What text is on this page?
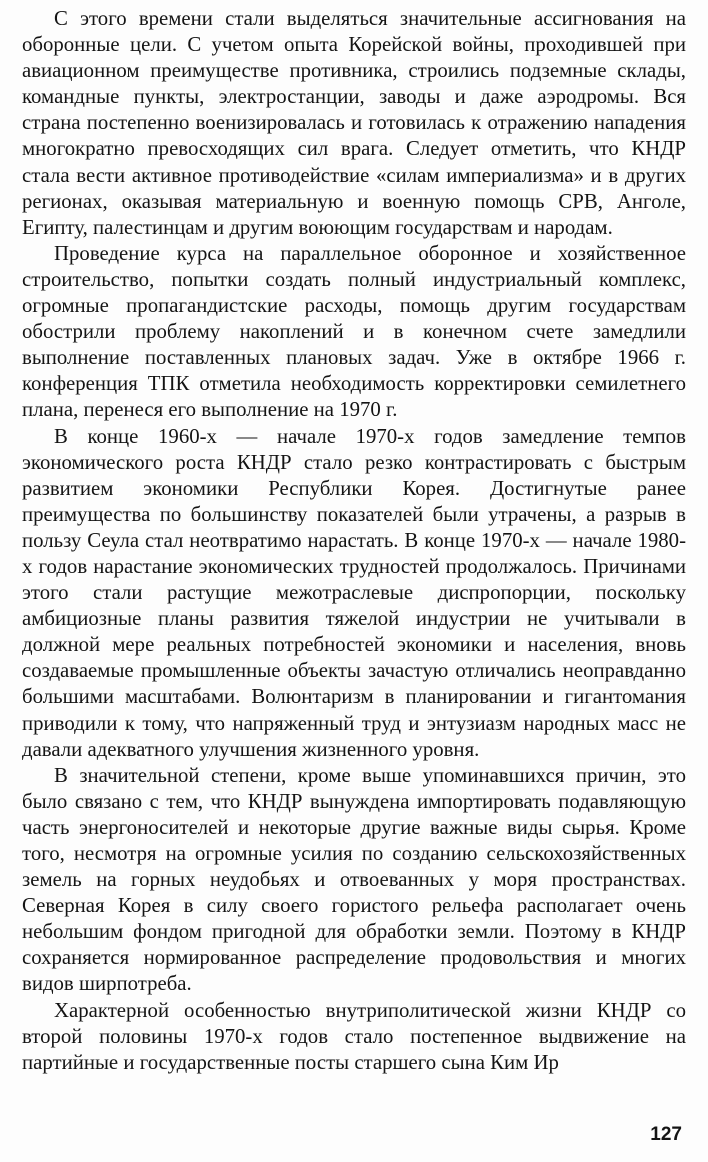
С этого времени стали выделяться значительные ассигнования на оборонные цели. С учетом опыта Корейской войны, проходившей при авиационном преимуществе противника, строились подземные склады, командные пункты, электростанции, заводы и даже аэродромы. Вся страна постепенно военизировалась и готовилась к отражению нападения многократно превосходящих сил врага. Следует отметить, что КНДР стала вести активное противодействие «силам империализма» и в других регионах, оказывая материальную и военную помощь СРВ, Анголе, Египту, палестинцам и другим воюющим государствам и народам.

Проведение курса на параллельное оборонное и хозяйственное строительство, попытки создать полный индустриальный комплекс, огромные пропагандистские расходы, помощь другим государствам обострили проблему накоплений и в конечном счете замедлили выполнение поставленных плановых задач. Уже в октябре 1966 г. конференция ТПК отметила необходимость корректировки семилетнего плана, перенеся его выполнение на 1970 г.

В конце 1960-х — начале 1970-х годов замедление темпов экономического роста КНДР стало резко контрастировать с быстрым развитием экономики Республики Корея. Достигнутые ранее преимущества по большинству показателей были утрачены, а разрыв в пользу Сеула стал неотвратимо нарастать. В конце 1970-х — начале 1980-х годов нарастание экономических трудностей продолжалось. Причинами этого стали растущие межотраслевые диспропорции, поскольку амбициозные планы развития тяжелой индустрии не учитывали в должной мере реальных потребностей экономики и населения, вновь создаваемые промышленные объекты зачастую отличались неоправданно большими масштабами. Волюнтаризм в планировании и гигантомания приводили к тому, что напряженный труд и энтузиазм народных масс не давали адекватного улучшения жизненного уровня.

В значительной степени, кроме выше упоминавшихся причин, это было связано с тем, что КНДР вынуждена импортировать подавляющую часть энергоносителей и некоторые другие важные виды сырья. Кроме того, несмотря на огромные усилия по созданию сельскохозяйственных земель на горных неудобьях и отвоеванных у моря пространствах. Северная Корея в силу своего гористого рельефа располагает очень небольшим фондом пригодной для обработки земли. Поэтому в КНДР сохраняется нормированное распределение продовольствия и многих видов ширпотреба.

Характерной особенностью внутриполитической жизни КНДР со второй половины 1970-х годов стало постепенное выдвижение на партийные и государственные посты старшего сына Ким Ир

127
